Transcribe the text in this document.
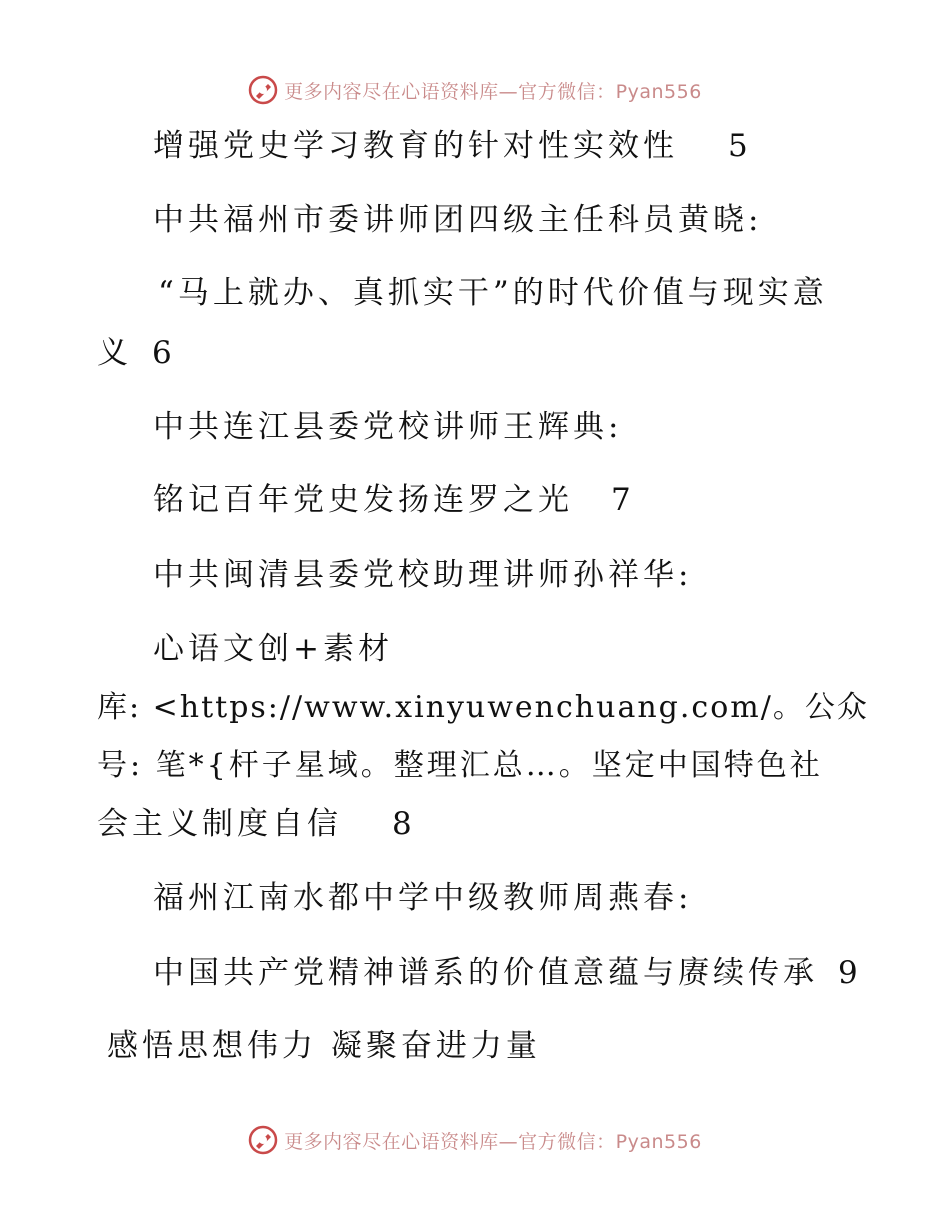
更多内容尽在心语资料库—官方微信：Pyan556
增强党史学习教育的针对性实效性 5
中共福州市委讲师团四级主任科员黄晓:
“马上就办、真抓实干”的时代价值与现实意
义 6
中共连江县委党校讲师王辉典:
铭记百年党史发扬连罗之光 7
中共闽清县委党校助理讲师孙祥华:
心语文创+素材
库: <https://www.xinyuwenchuang.com/。公众
号: 笔*{杆子星域。整理汇总…。坚定中国特色社
会主义制度自信 8
福州江南水都中学中级教师周燕春:
中国共产党精神谱系的价值意蕴与赓续传承 9
感悟思想伟力 凝聚奋进力量
更多内容尽在心语资料库—官方微信：Pyan556
